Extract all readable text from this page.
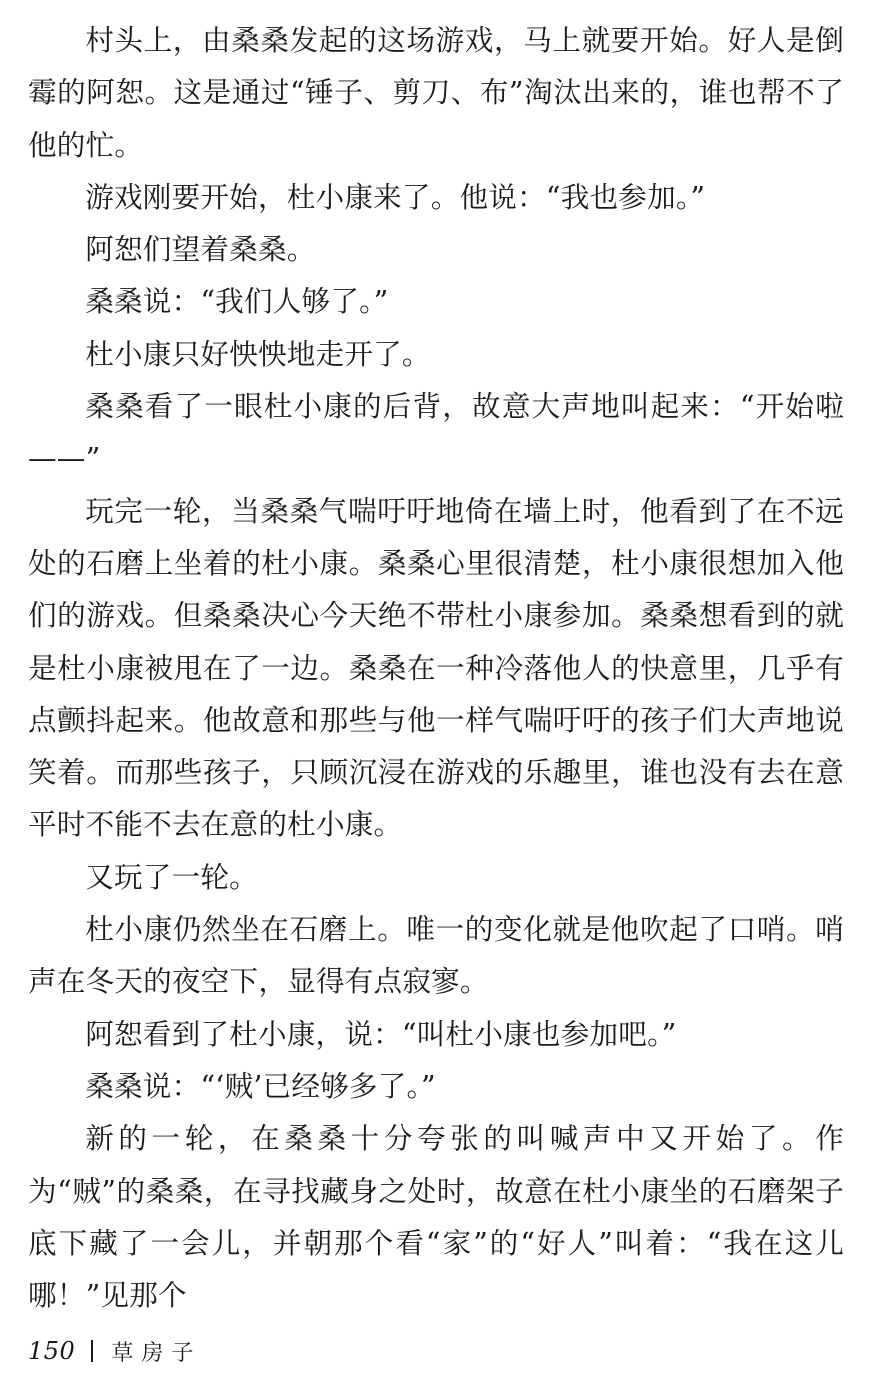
村头上，由桑桑发起的这场游戏，马上就要开始。好人是倒霉的阿恕。这是通过“锤子、剪刀、布”淘汰出来的，谁也帮不了他的忙。

游戏刚要开始，杜小康来了。他说：“我也参加。”

阿恕们望着桑桑。

桑桑说：“我们人够了。”

杜小康只好怏怏地走开了。

桑桑看了一眼杜小康的后背，故意大声地叫起来：“开始啦——”

玩完一轮，当桑桑气喘吁吁地倚在墙上时，他看到了在不远处的石磨上坐着的杜小康。桑桑心里很清楚，杜小康很想加入他们的游戏。但桑桑决心今天绝不带杜小康参加。桑桑想看到的就是杜小康被甩在了一边。桑桑在一种冷落他人的快意里，几乎有点颤抖起来。他故意和那些与他一样气喘吁吁的孩子们大声地说笑着。而那些孩子，只顾沉浸在游戏的乐趣里，谁也没有去在意平时不能不去在意的杜小康。

又玩了一轮。

杜小康仍然坐在石磨上。唯一的变化就是他吹起了口哨。哨声在冬天的夜空下，显得有点寂寥。

阿恕看到了杜小康，说：“叫杜小康也参加吧。”

桑桑说：“‘贼’已经够多了。”

新的一轮，在桑桑十分夸张的叫喊声中又开始了。作为“贼”的桑桑，在寻找藏身之处时，故意在杜小康坐的石磨架子底下藏了一会儿，并朝那个看“家”的“好人”叫着：“我在这儿哪！”见那个

150 草房子
